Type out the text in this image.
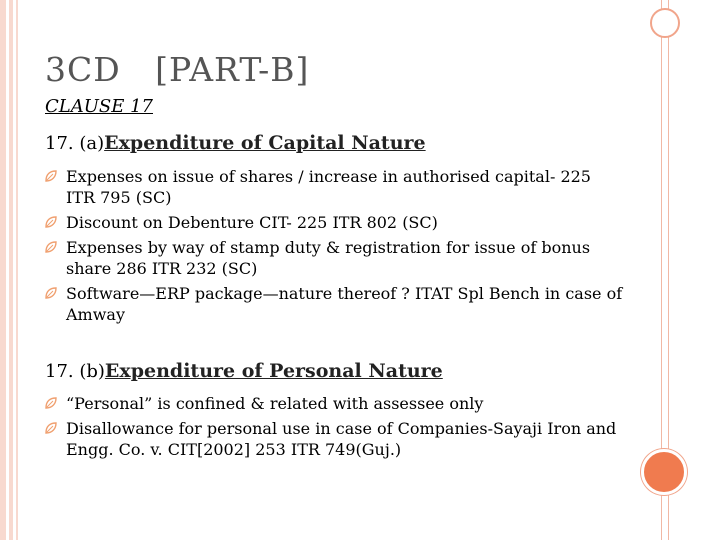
3CD   [PART-B]
CLAUSE 17
17. (a)Expenditure of Capital Nature
Expenses on issue of shares / increase in authorised capital- 225 ITR 795 (SC)
Discount on Debenture CIT- 225 ITR 802 (SC)
Expenses by way of stamp duty & registration for issue of bonus share 286 ITR 232 (SC)
Software—ERP package—nature thereof ? ITAT Spl Bench in case of Amway
17. (b)Expenditure of Personal Nature
“Personal” is confined & related with assessee only
Disallowance for personal use in case of Companies-Sayaji Iron and Engg. Co. v. CIT[2002] 253 ITR 749(Guj.)
